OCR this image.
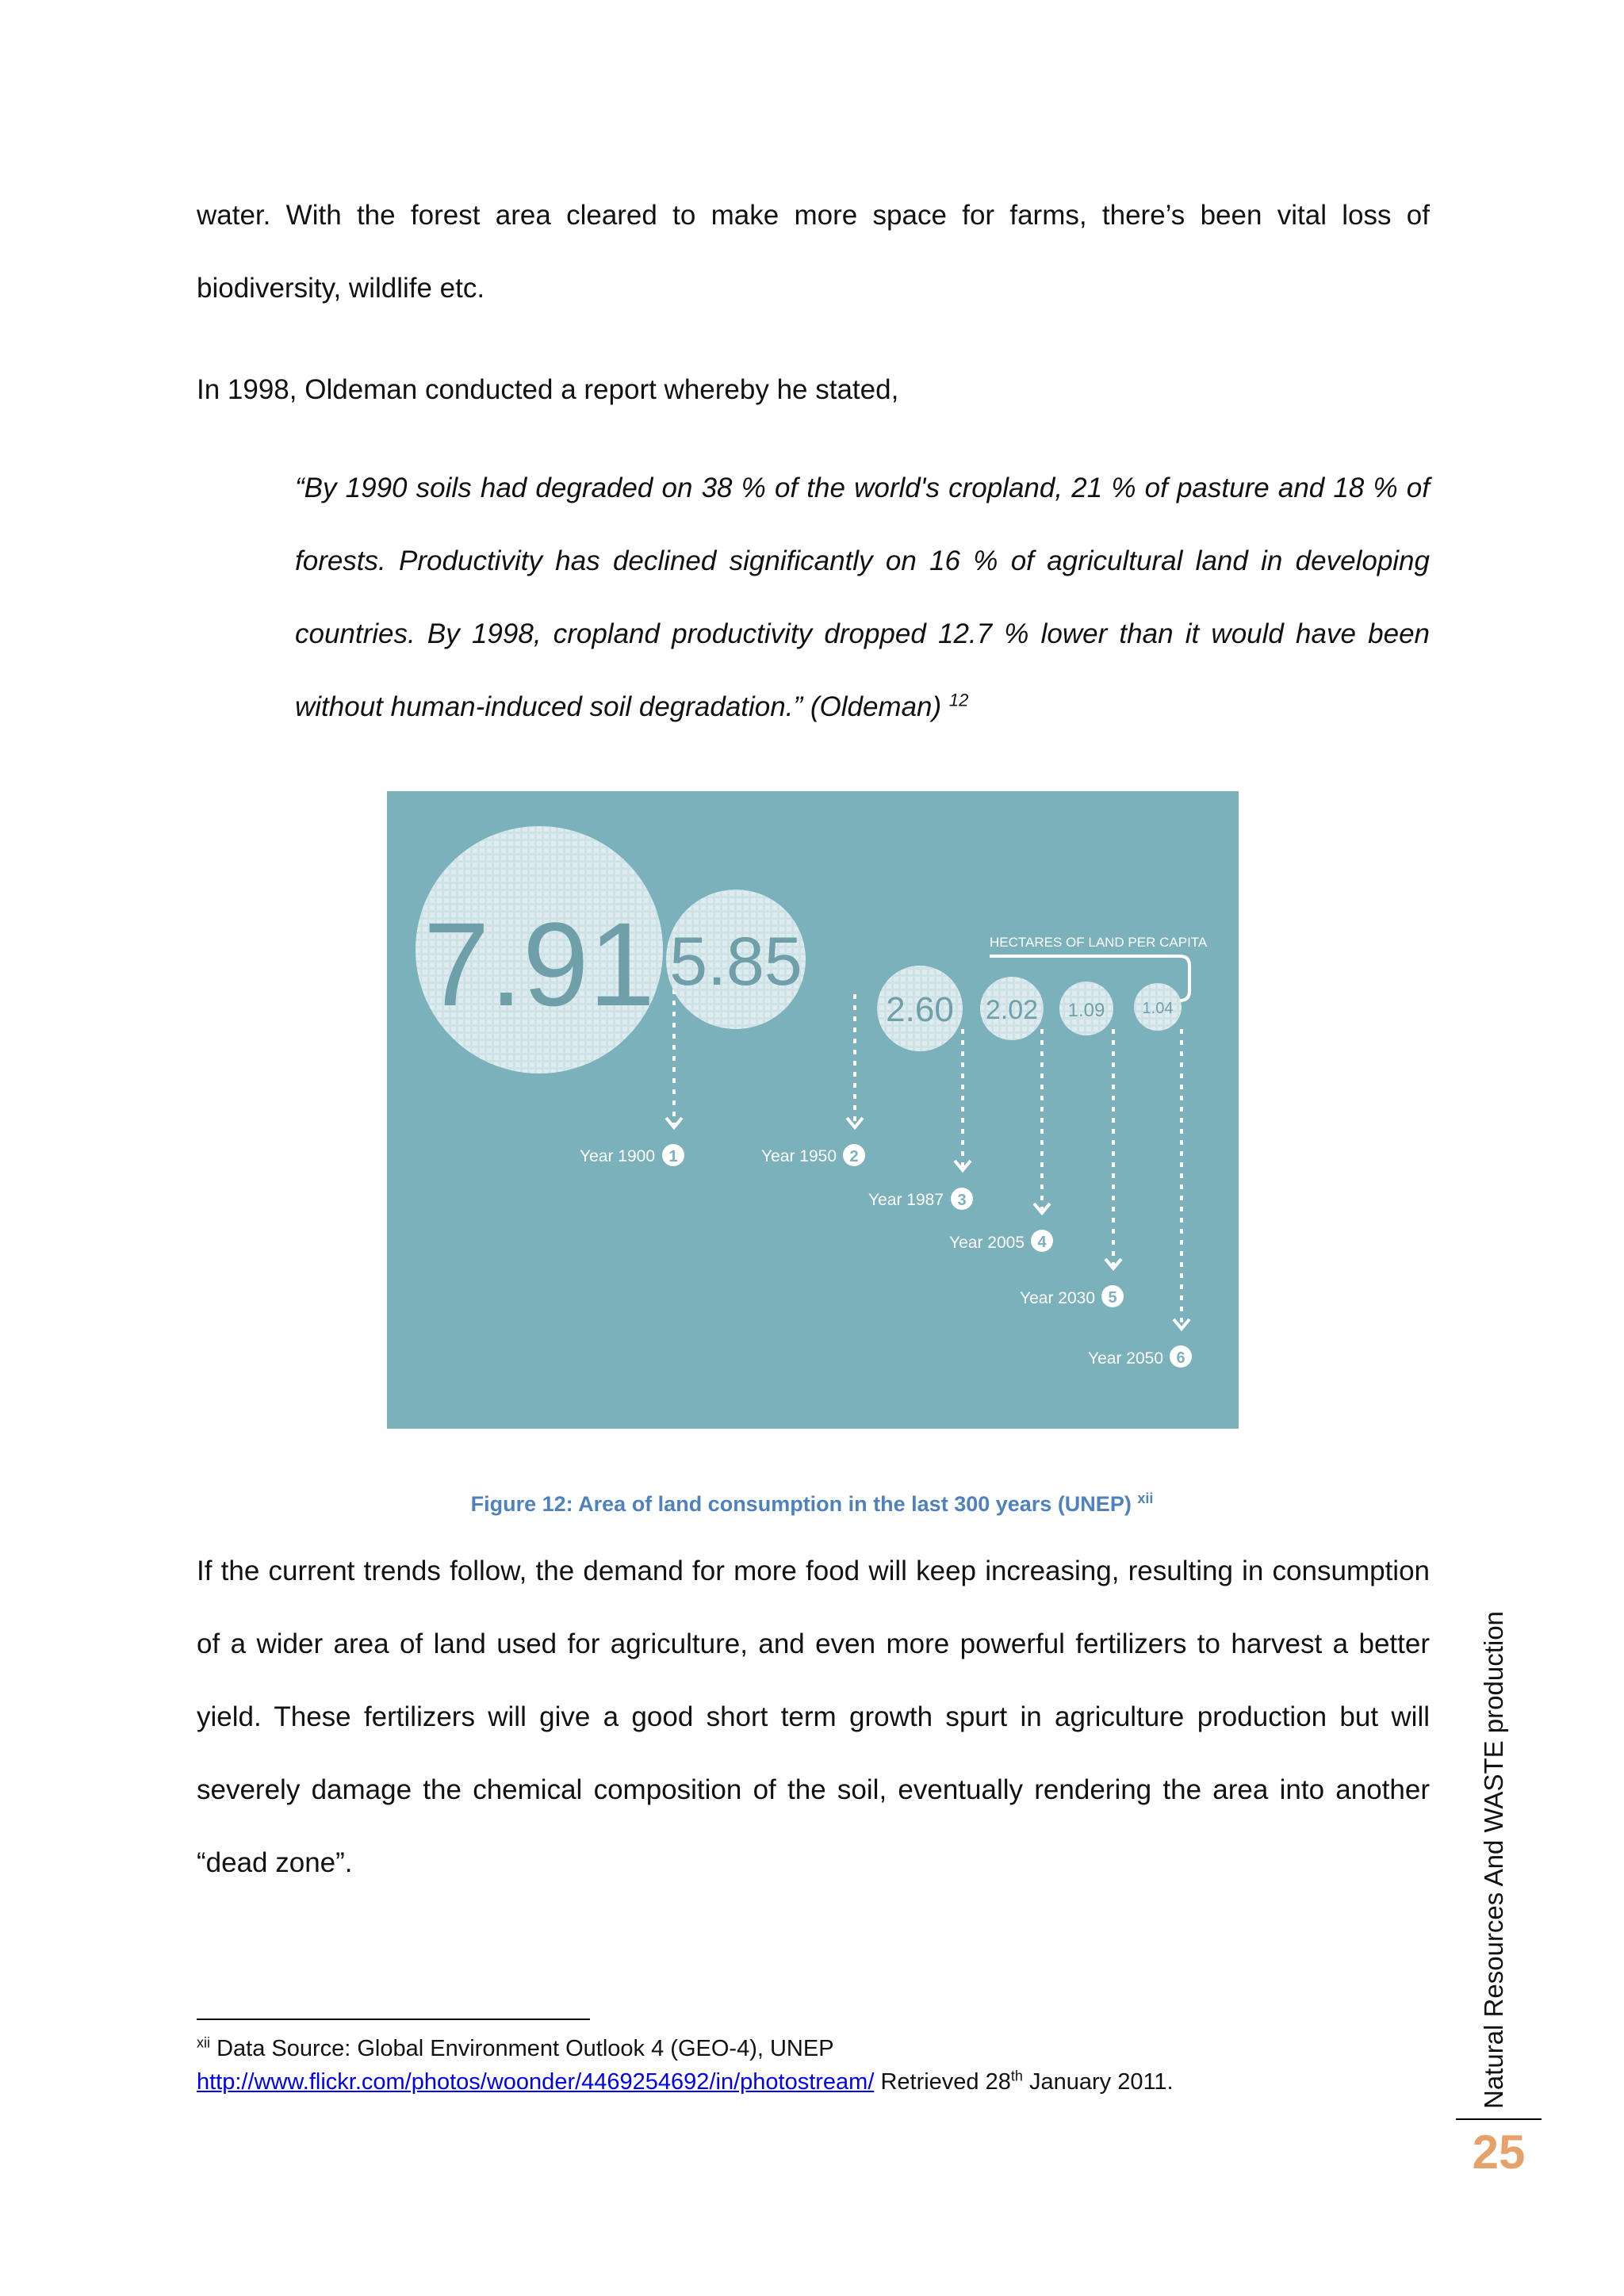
water. With the forest area cleared to make more space for farms, there’s been vital loss of biodiversity, wildlife etc.

In 1998, Oldeman conducted a report whereby he stated,

“By 1990 soils had degraded on 38 % of the world's cropland, 21 % of pasture and 18 % of forests. Productivity has declined significantly on 16 % of agricultural land in developing countries. By 1998, cropland productivity dropped 12.7 % lower than it would have been without human-induced soil degradation.” (Oldeman) $^{12}$

HECTARES OF LAND PER CAPITA
7.91
Year 1900 1
5.85
Year 1950 2
2.60
Year 1987 3
2.02
Year 2005 4
1.09
Year 2030 5
1.04
Year 2050 6

Figure 12: Area of land consumption in the last 300 years (UNEP) $^{xii}$

If the current trends follow, the demand for more food will keep increasing, resulting in consumption of a wider area of land used for agriculture, and even more powerful fertilizers to harvest a better yield. These fertilizers will give a good short term growth spurt in agriculture production but will severely damage the chemical composition of the soil, eventually rendering the area into another “dead zone”.

$^{xii}$ Data Source: Global Environment Outlook 4 (GEO-4), UNEP
http://www.flickr.com/photos/woonder/4469254692/in/photostream/ Retrieved 28th January 2011.	Natural Resources And WASTE production
25
